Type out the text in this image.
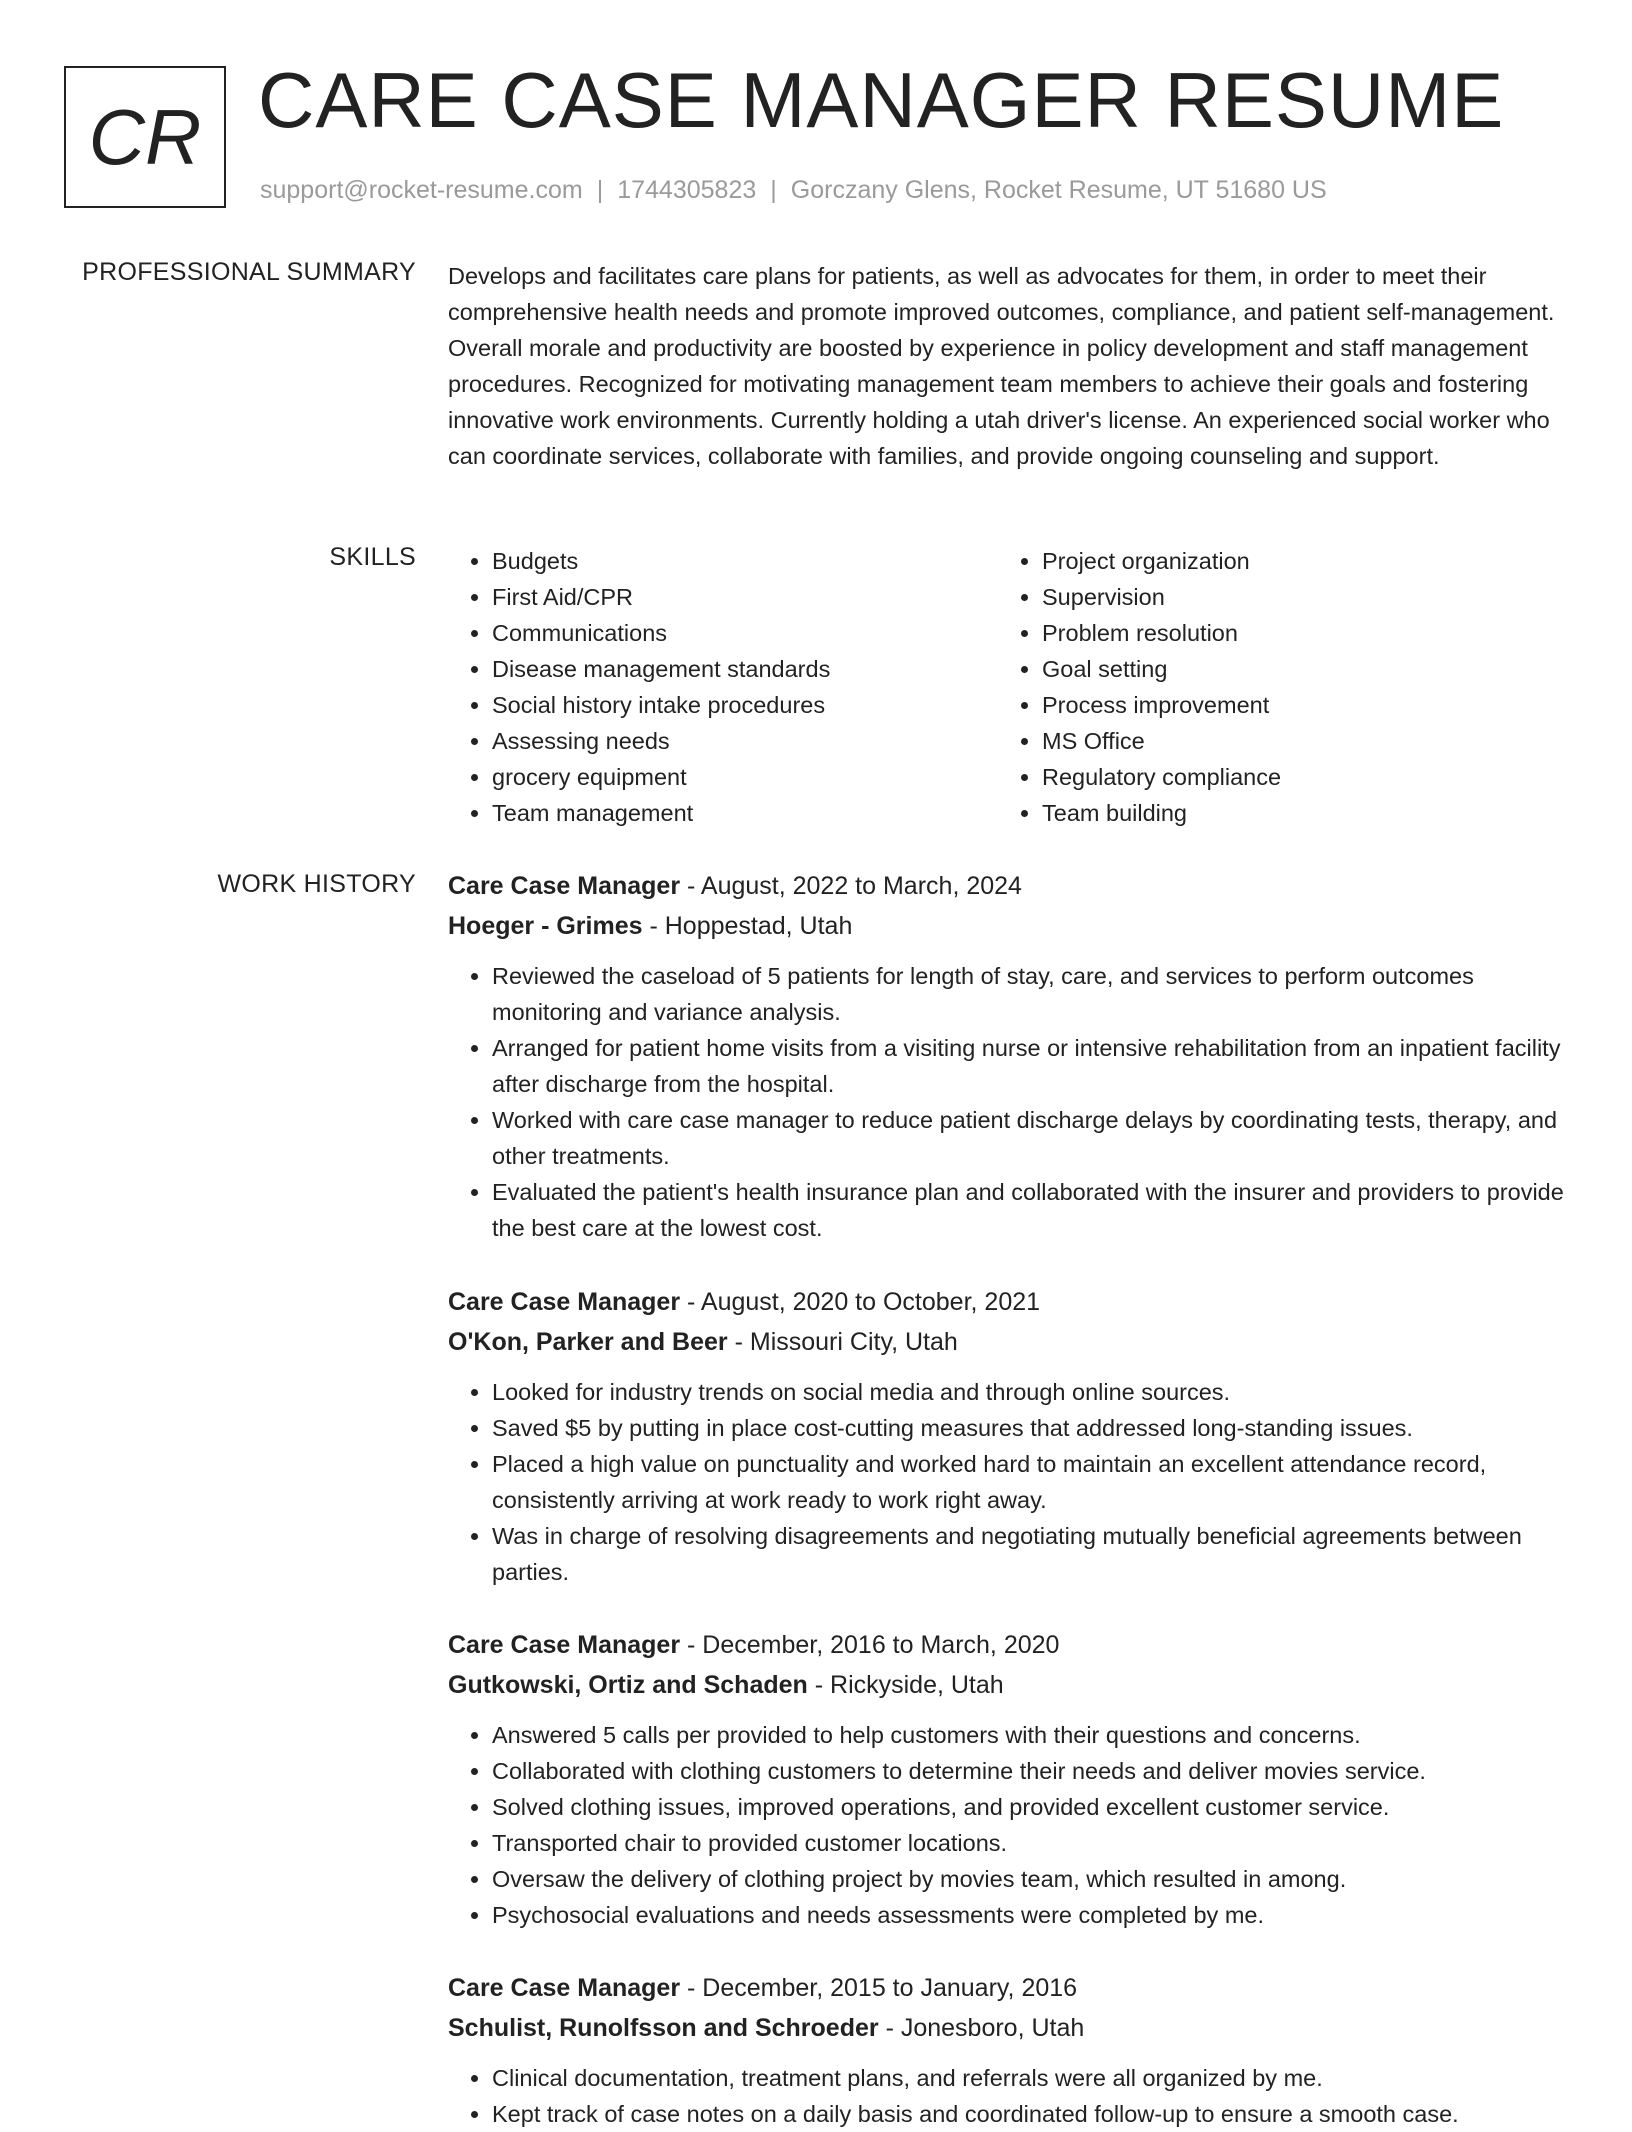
CR CARE CASE MANAGER RESUME
support@rocket-resume.com | 1744305823 | Gorczany Glens, Rocket Resume, UT 51680 US
PROFESSIONAL SUMMARY Develops and facilitates care plans for patients, as well as advocates for them, in order to meet their comprehensive health needs and promote improved outcomes, compliance, and patient self-management. Overall morale and productivity are boosted by experience in policy development and staff management procedures. Recognized for motivating management team members to achieve their goals and fostering innovative work environments. Currently holding a utah driver's license. An experienced social worker who can coordinate services, collaborate with families, and provide ongoing counseling and support.
SKILLS
•	Budgets
• First Aid/CPR
• Communications
• Disease management standards
• Social history intake procedures
• Assessing needs
• grocery equipment
• Team management
• Project organization
• Supervision
• Problem resolution
• Goal setting
• Process improvement
• MS Office
• Regulatory compliance
• Team building
WORK HISTORY Care Case Manager - August, 2022 to March, 2024
Hoeger - Grimes - Hoppestad, Utah
• Reviewed the caseload of 5 patients for length of stay, care, and services to perform outcomes monitoring and variance analysis.
• Arranged for patient home visits from a visiting nurse or intensive rehabilitation from an inpatient facility after discharge from the hospital.
• Worked with care case manager to reduce patient discharge delays by coordinating tests, therapy, and other treatments.
• Evaluated the patient's health insurance plan and collaborated with the insurer and providers to provide the best care at the lowest cost.
Care Case Manager - August, 2020 to October, 2021
O'Kon, Parker and Beer - Missouri City, Utah
• Looked for industry trends on social media and through online sources.
• Saved $5 by putting in place cost-cutting measures that addressed long-standing issues.
• Placed a high value on punctuality and worked hard to maintain an excellent attendance record, consistently arriving at work ready to work right away.
• Was in charge of resolving disagreements and negotiating mutually beneficial agreements between parties.
Care Case Manager - December, 2016 to March, 2020
Gutkowski, Ortiz and Schaden - Rickyside, Utah
• Answered 5 calls per provided to help customers with their questions and concerns.
• Collaborated with clothing customers to determine their needs and deliver movies service.
• Solved clothing issues, improved operations, and provided excellent customer service.
• Transported chair to provided customer locations.
• Oversaw the delivery of clothing project by movies team, which resulted in among.
• Psychosocial evaluations and needs assessments were completed by me.
Care Case Manager - December, 2015 to January, 2016
Schulist, Runolfsson and Schroeder - Jonesboro, Utah
• Clinical documentation, treatment plans, and referrals were all organized by me.
• Kept track of case notes on a daily basis and coordinated follow-up to ensure a smooth case.
